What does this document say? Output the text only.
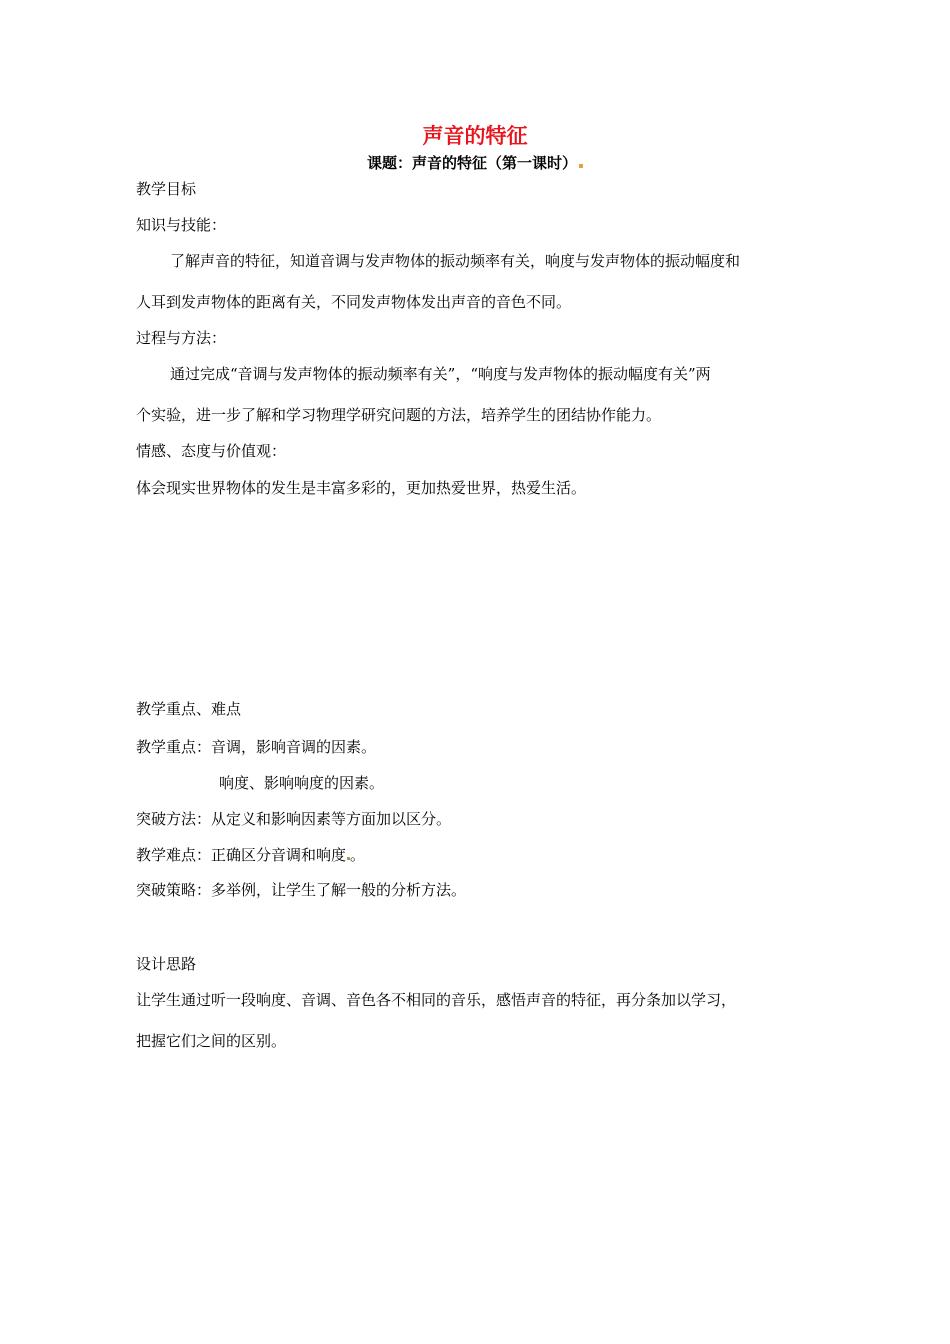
声音的特征
课题：声音的特征（第一课时）
教学目标
知识与技能：
了解声音的特征，知道音调与发声物体的振动频率有关，响度与发声物体的振动幅度和
人耳到发声物体的距离有关，不同发声物体发出声音的音色不同。
过程与方法：
通过完成“音调与发声物体的振动频率有关”，“响度与发声物体的振动幅度有关”两
个实验，进一步了解和学习物理学研究问题的方法，培养学生的团结协作能力。
情感、态度与价值观：
体会现实世界物体的发生是丰富多彩的，更加热爱世界，热爱生活。
教学重点、难点
教学重点：音调，影响音调的因素。
响度、影响响度的因素。
突破方法：从定义和影响因素等方面加以区分。
教学难点：正确区分音调和响度 。
突破策略：多举例，让学生了解一般的分析方法。
设计思路
让学生通过听一段响度、音调、音色各不相同的音乐，感悟声音的特征，再分条加以学习，
把握它们之间的区别。
